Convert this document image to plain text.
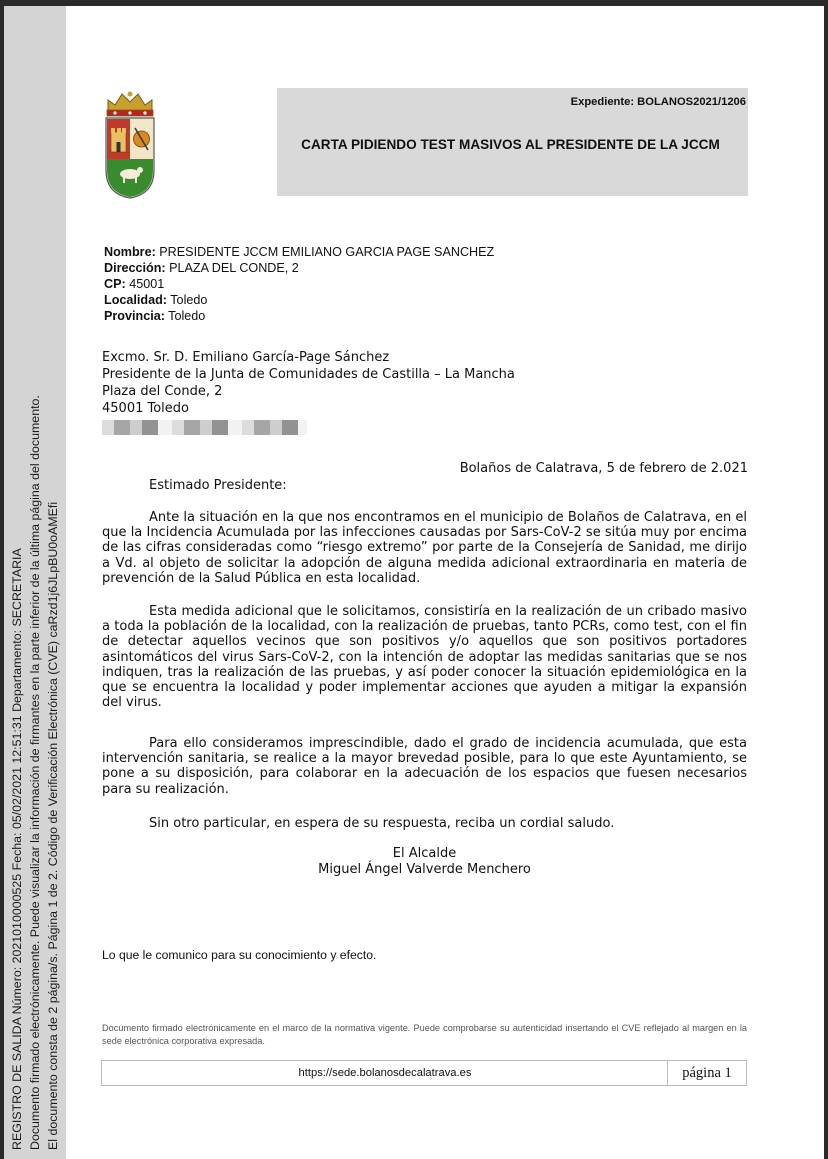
REGISTRO DE SALIDA Número: 2021010000525 Fecha: 05/02/2021 12:51:31 Departamento: SECRETARIA Documento firmado electrónicamente. Puede visualizar la información de firmantes en la parte inferior de la última página del documento. El documento consta de 2 página/s. Página 1 de 2. Código de Verificación Electrónica (CVE) caRzd1j6JLpBU0oAMEfi
Expediente: BOLANOS2021/1206
CARTA PIDIENDO TEST MASIVOS AL PRESIDENTE DE LA JCCM
Nombre: PRESIDENTE JCCM EMILIANO GARCIA PAGE SANCHEZ
Dirección: PLAZA DEL CONDE, 2
CP: 45001
Localidad: Toledo
Provincia: Toledo
Excmo. Sr. D. Emiliano García-Page Sánchez
Presidente de la Junta de Comunidades de Castilla – La Mancha
Plaza del Conde, 2
45001 Toledo
Bolaños de Calatrava, 5 de febrero de 2.021
Estimado Presidente:

Ante la situación en la que nos encontramos en el municipio de Bolaños de Calatrava, en el que la Incidencia Acumulada por las infecciones causadas por Sars-CoV-2 se sitúa muy por encima de las cifras consideradas como “riesgo extremo” por parte de la Consejería de Sanidad, me dirijo a Vd. al objeto de solicitar la adopción de alguna medida adicional extraordinaria en materia de prevención de la Salud Pública en esta localidad.

Esta medida adicional que le solicitamos, consistiría en la realización de un cribado masivo a toda la población de la localidad, con la realización de pruebas, tanto PCRs, como test, con el fin de detectar aquellos vecinos que son positivos y/o aquellos que son positivos portadores asintomáticos del virus Sars-CoV-2, con la intención de adoptar las medidas sanitarias que se nos indiquen, tras la realización de las pruebas, y así poder conocer la situación epidemiológica en la que se encuentra la localidad y poder implementar acciones que ayuden a mitigar la expansión del virus.

Para ello consideramos imprescindible, dado el grado de incidencia acumulada, que esta intervención sanitaria, se realice a la mayor brevedad posible, para lo que este Ayuntamiento, se pone a su disposición, para colaborar en la adecuación de los espacios que fuesen necesarios para su realización.

Sin otro particular, en espera de su respuesta, reciba un cordial saludo.
El Alcalde
Miguel Ángel Valverde Menchero
Lo que le comunico para su conocimiento y efecto.
Documento firmado electrónicamente en el marco de la normativa vigente. Puede comprobarse su autenticidad insertando el CVE reflejado al margen en la sede electrónica corporativa expresada.
https://sede.bolanosdecalatrava.es	página 1
